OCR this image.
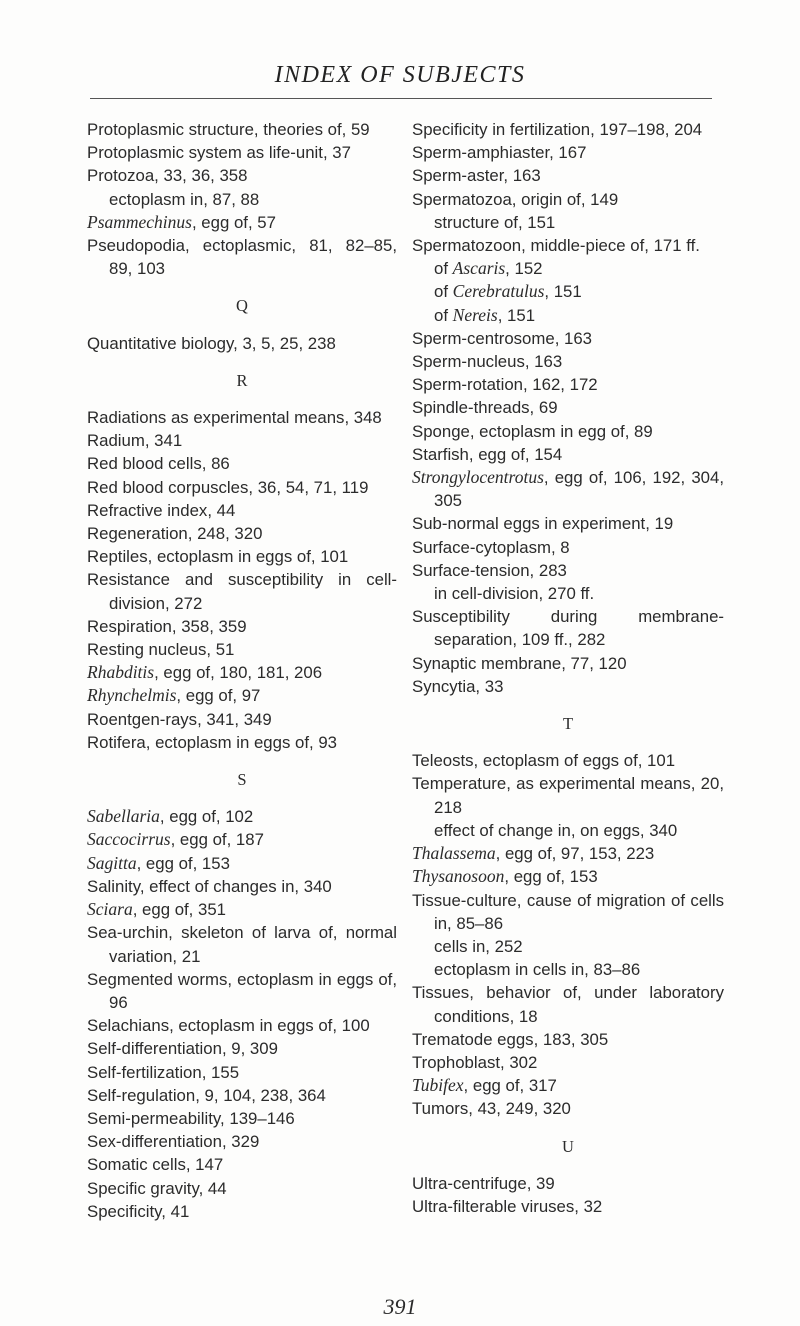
INDEX OF SUBJECTS
Protoplasmic structure, theories of, 59
Protoplasmic system as life-unit, 37
Protozoa, 33, 36, 358
ectoplasm in, 87, 88
Psammechinus, egg of, 57
Pseudopodia, ectoplasmic, 81, 82–85, 89, 103
Q
Quantitative biology, 3, 5, 25, 238
R
Radiations as experimental means, 348
Radium, 341
Red blood cells, 86
Red blood corpuscles, 36, 54, 71, 119
Refractive index, 44
Regeneration, 248, 320
Reptiles, ectoplasm in eggs of, 101
Resistance and susceptibility in cell-division, 272
Respiration, 358, 359
Resting nucleus, 51
Rhabditis, egg of, 180, 181, 206
Rhynchelmis, egg of, 97
Roentgen-rays, 341, 349
Rotifera, ectoplasm in eggs of, 93
S
Sabellaria, egg of, 102
Saccocirrus, egg of, 187
Sagitta, egg of, 153
Salinity, effect of changes in, 340
Sciara, egg of, 351
Sea-urchin, skeleton of larva of, normal variation, 21
Segmented worms, ectoplasm in eggs of, 96
Selachians, ectoplasm in eggs of, 100
Self-differentiation, 9, 309
Self-fertilization, 155
Self-regulation, 9, 104, 238, 364
Semi-permeability, 139–146
Sex-differentiation, 329
Somatic cells, 147
Specific gravity, 44
Specificity, 41
Specificity in fertilization, 197–198, 204
Sperm-amphiaster, 167
Sperm-aster, 163
Spermatozoa, origin of, 149
structure of, 151
Spermatozoon, middle-piece of, 171 ff.
of Ascaris, 152
of Cerebratulus, 151
of Nereis, 151
Sperm-centrosome, 163
Sperm-nucleus, 163
Sperm-rotation, 162, 172
Spindle-threads, 69
Sponge, ectoplasm in egg of, 89
Starfish, egg of, 154
Strongylocentrotus, egg of, 106, 192, 304, 305
Sub-normal eggs in experiment, 19
Surface-cytoplasm, 8
Surface-tension, 283
in cell-division, 270 ff.
Susceptibility during membrane-separation, 109 ff., 282
Synaptic membrane, 77, 120
Syncytia, 33
T
Teleosts, ectoplasm of eggs of, 101
Temperature, as experimental means, 20, 218
effect of change in, on eggs, 340
Thalassema, egg of, 97, 153, 223
Thysanosoon, egg of, 153
Tissue-culture, cause of migration of cells in, 85–86
cells in, 252
ectoplasm in cells in, 83–86
Tissues, behavior of, under laboratory conditions, 18
Trematode eggs, 183, 305
Trophoblast, 302
Tubifex, egg of, 317
Tumors, 43, 249, 320
U
Ultra-centrifuge, 39
Ultra-filterable viruses, 32
391
